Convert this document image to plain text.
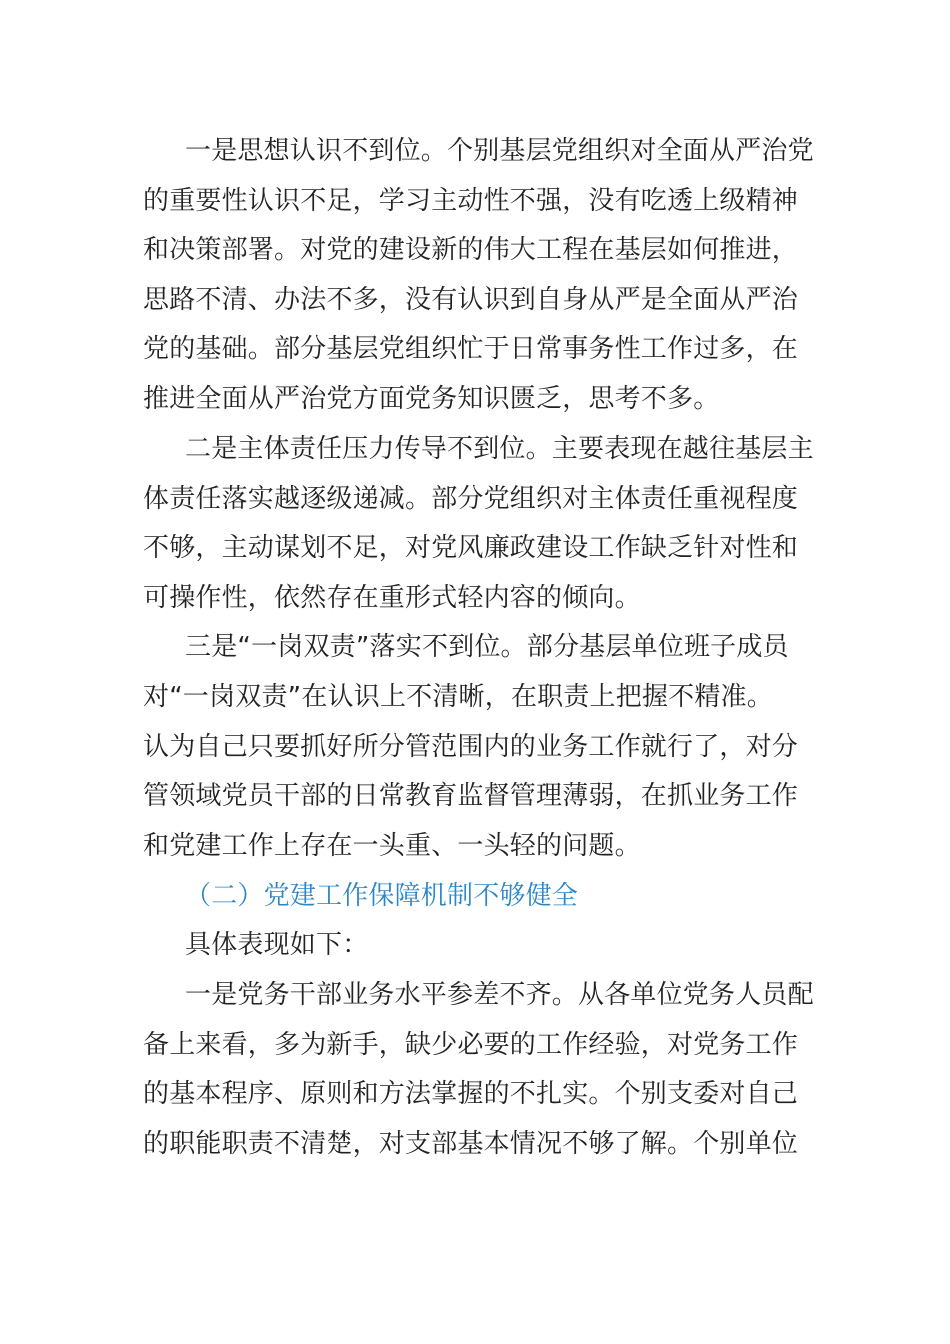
一是思想认识不到位。个别基层党组织对全面从严治党
的重要性认识不足，学习主动性不强，没有吃透上级精神
和决策部署。对党的建设新的伟大工程在基层如何推进，
思路不清、办法不多，没有认识到自身从严是全面从严治
党的基础。部分基层党组织忙于日常事务性工作过多，在
推进全面从严治党方面党务知识匮乏，思考不多。
二是主体责任压力传导不到位。主要表现在越往基层主
体责任落实越逐级递减。部分党组织对主体责任重视程度
不够，主动谋划不足，对党风廉政建设工作缺乏针对性和
可操作性，依然存在重形式轻内容的倾向。
三是“一岗双责”落实不到位。部分基层单位班子成员
对“一岗双责”在认识上不清晰，在职责上把握不精准。
认为自己只要抓好所分管范围内的业务工作就行了，对分
管领域党员干部的日常教育监督管理薄弱，在抓业务工作
和党建工作上存在一头重、一头轻的问题。
（二）党建工作保障机制不够健全
具体表现如下：
一是党务干部业务水平参差不齐。从各单位党务人员配
备上来看，多为新手，缺少必要的工作经验，对党务工作
的基本程序、原则和方法掌握的不扎实。个别支委对自己
的职能职责不清楚，对支部基本情况不够了解。个别单位
